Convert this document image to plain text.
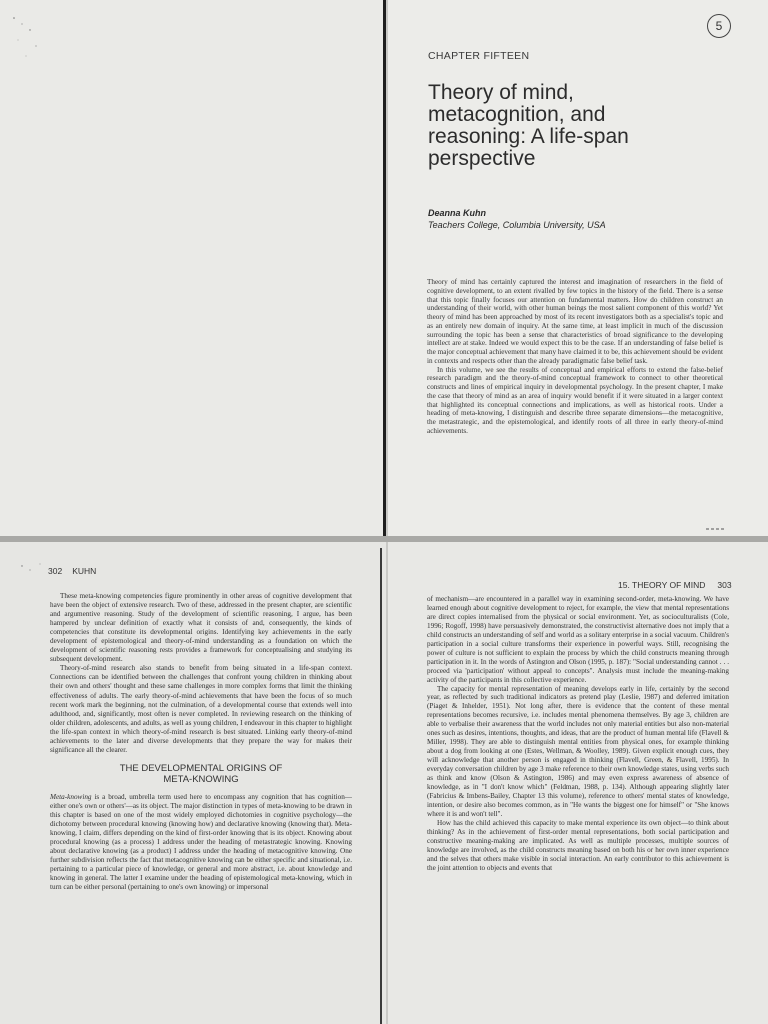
5
CHAPTER FIFTEEN
Theory of mind,
metacognition, and
reasoning: A life-span
perspective
Deanna Kuhn
Teachers College, Columbia University, USA

Theory of mind has certainly captured the interest and imagination of researchers in the field of cognitive development, to an extent rivalled by few topics in the history of the field. There is a sense that this topic finally focuses our attention on fundamental matters. How do children construct an understanding of their world, with other human beings the most salient component of this world? Yet theory of mind has been approached by most of its recent investigators both as a specialist's topic and as an entirely new domain of inquiry. At the same time, at least implicit in much of the discussion surrounding the topic has been a sense that characteristics of broad significance to the developing intellect are at stake. Indeed we would expect this to be the case. If an understanding of false belief is the major conceptual achievement that many have claimed it to be, this achievement should be evident in contexts and respects other than the already paradigmatic false belief task.

In this volume, we see the results of conceptual and empirical efforts to extend the false-belief research paradigm and the theory-of-mind conceptual framework to connect to other theoretical constructs and lines of empirical inquiry in developmental psychology. In the present chapter, I make the case that theory of mind as an area of inquiry would benefit if it were situated in a larger context that highlighted its conceptual connections and implications, as well as historical roots. Under a heading of meta-knowing, I distinguish and describe three separate dimensions—the metacognitive, the metastrategic, and the epistemological, and identify roots of all three in early theory-of-mind achievements.

302 KUHN

These meta-knowing competencies figure prominently in other areas of cognitive development that have been the object of extensive research. Two of these, addressed in the present chapter, are scientific and argumentive reasoning. Study of the development of scientific reasoning, I argue, has been hampered by unclear definition of exactly what it consists of and, consequently, the kinds of competencies that constitute its developmental origins. Identifying key achievements in the early development of epistemological and theory-of-mind understanding as a foundation on which the development of scientific reasoning rests provides a framework for conceptualising and studying its subsequent development.

Theory-of-mind research also stands to benefit from being situated in a life-span context. Connections can be identified between the challenges that confront young children in thinking about their own and others' thought and these same challenges in more complex forms that limit the thinking effectiveness of adults. The early theory-of-mind achievements that have been the focus of so much recent work mark the beginning, not the culmination, of a developmental course that extends well into adulthood, and, significantly, most often is never completed. In reviewing research on the thinking of older children, adolescents, and adults, as well as young children, I endeavour in this chapter to highlight the life-span context in which theory-of-mind research is best situated. Linking early theory-of-mind achievements to the later and diverse developments that they prepare the way for makes their significance all the clearer.

THE DEVELOPMENTAL ORIGINS OF
META-KNOWING

Meta-knowing is a broad, umbrella term used here to encompass any cognition that has cognition—either one's own or others'—as its object. The major distinction in types of meta-knowing to be drawn in this chapter is based on one of the most widely employed dichotomies in cognitive psychology—the dichotomy between procedural knowing (knowing how) and declarative knowing (knowing that). Meta-knowing, I claim, differs depending on the kind of first-order knowing that is its object. Knowing about procedural knowing (as a process) I address under the heading of metastrategic knowing. Knowing about declarative knowing (as a product) I address under the heading of metacognitive knowing. One further subdivision reflects the fact that metacognitive knowing can be either specific and situational, i.e. pertaining to a particular piece of knowledge, or general and more abstract, i.e. about knowledge and knowing in general. The latter I examine under the heading of epistemological meta-knowing, which in turn can be either personal (pertaining to one's own knowing) or impersonal

15. THEORY OF MIND 303

of mechanism—are encountered in a parallel way in examining second-order, meta-knowing. We have learned enough about cognitive development to reject, for example, the view that mental representations are direct copies internalised from the physical or social environment. Yet, as socioculturalists (Cole, 1996; Rogoff, 1998) have persuasively demonstrated, the constructivist alternative does not imply that a child constructs an understanding of self and world as a solitary enterprise in a social vacuum. Children's participation in a social culture transforms their experience in powerful ways. Still, recognising the power of culture is not sufficient to explain the process by which the child constructs meaning through participation in it. In the words of Astington and Olson (1995, p. 187): "Social understanding cannot . . . proceed via 'participation' without appeal to concepts". Analysis must include the meaning-making activity of the participants in this collective experience.

The capacity for mental representation of meaning develops early in life, certainly by the second year, as reflected by such traditional indicators as pretend play (Leslie, 1987) and deferred imitation (Piaget & Inhelder, 1951). Not long after, there is evidence that the content of these mental representations becomes recursive, i.e. includes mental phenomena themselves. By age 3, children are able to verbalise their awareness that the world includes not only material entities but also non-material ones such as desires, intentions, thoughts, and ideas, that are the product of human mental life (Flavell & Miller, 1998). They are able to distinguish mental entities from physical ones, for example thinking about a dog from looking at one (Estes, Wellman, & Woolley, 1989). Given explicit enough cues, they will acknowledge that another person is engaged in thinking (Flavell, Green, & Flavell, 1995). In everyday conversation children by age 3 make reference to their own knowledge states, using verbs such as think and know (Olson & Astington, 1986) and may even express awareness of absence of knowledge, as in "I don't know which" (Feldman, 1988, p. 134). Although appearing slightly later (Fabricius & Imbens-Bailey, Chapter 13 this volume), reference to others' mental states of knowledge, intention, or desire also becomes common, as in "He wants the biggest one for himself" or "She knows where it is and won't tell".

How has the child achieved this capacity to make mental experience its own object—to think about thinking? As in the achievement of first-order mental representations, both social participation and constructive meaning-making are implicated. As well as multiple processes, multiple sources of knowledge are involved, as the child constructs meaning based on both his or her own inner experience and the selves that others make visible in social interaction. An early contributor to this achievement is the joint attention to objects and events that
